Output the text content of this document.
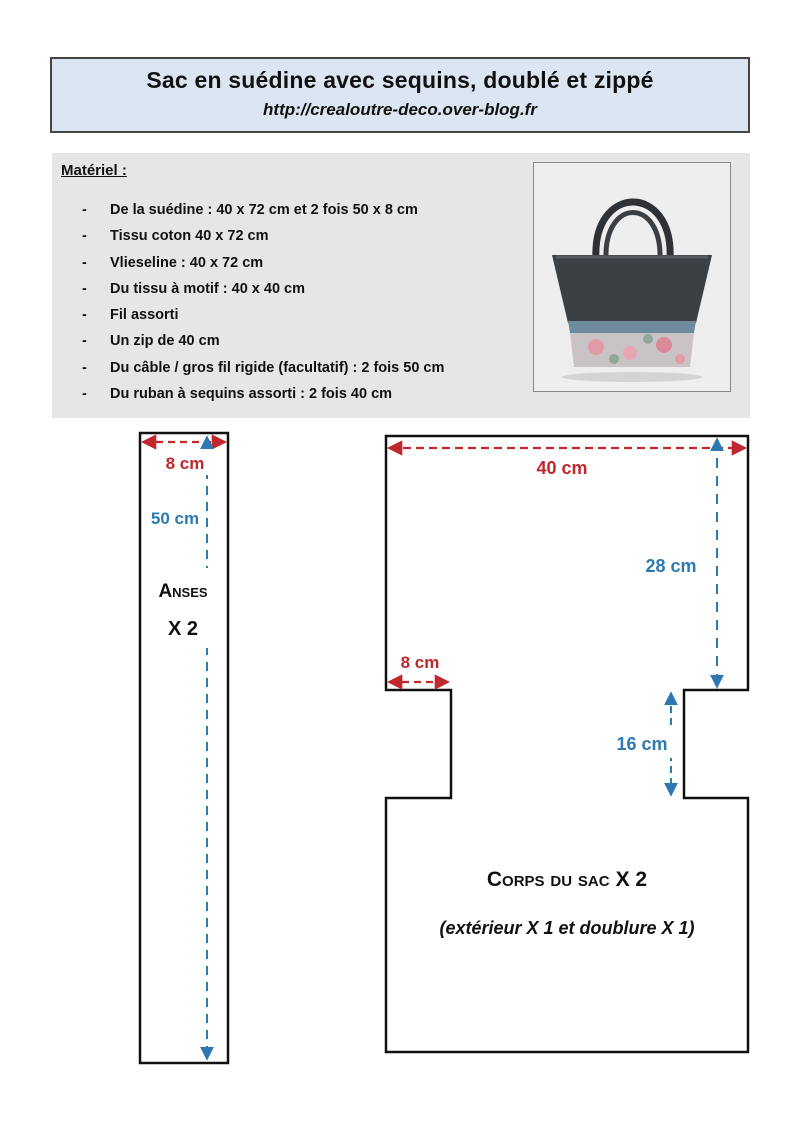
Sac en suédine avec sequins, doublé et zippé
http://crealoutre-deco.over-blog.fr
Matériel :
- De la suédine : 40 x 72 cm et 2 fois 50 x 8 cm
- Tissu coton 40 x 72 cm
- Vlieseline : 40 x 72 cm
- Du tissu à motif : 40 x 40 cm
- Fil assorti
- Un zip de 40 cm
- Du câble / gros fil rigide (facultatif) : 2 fois 50 cm
- Du ruban à sequins assorti : 2 fois 40 cm
8 cm
50 cm
Anses
X 2
40 cm
28 cm
8 cm
16 cm
Corps du sac X 2
(extérieur X 1 et doublure X 1)
